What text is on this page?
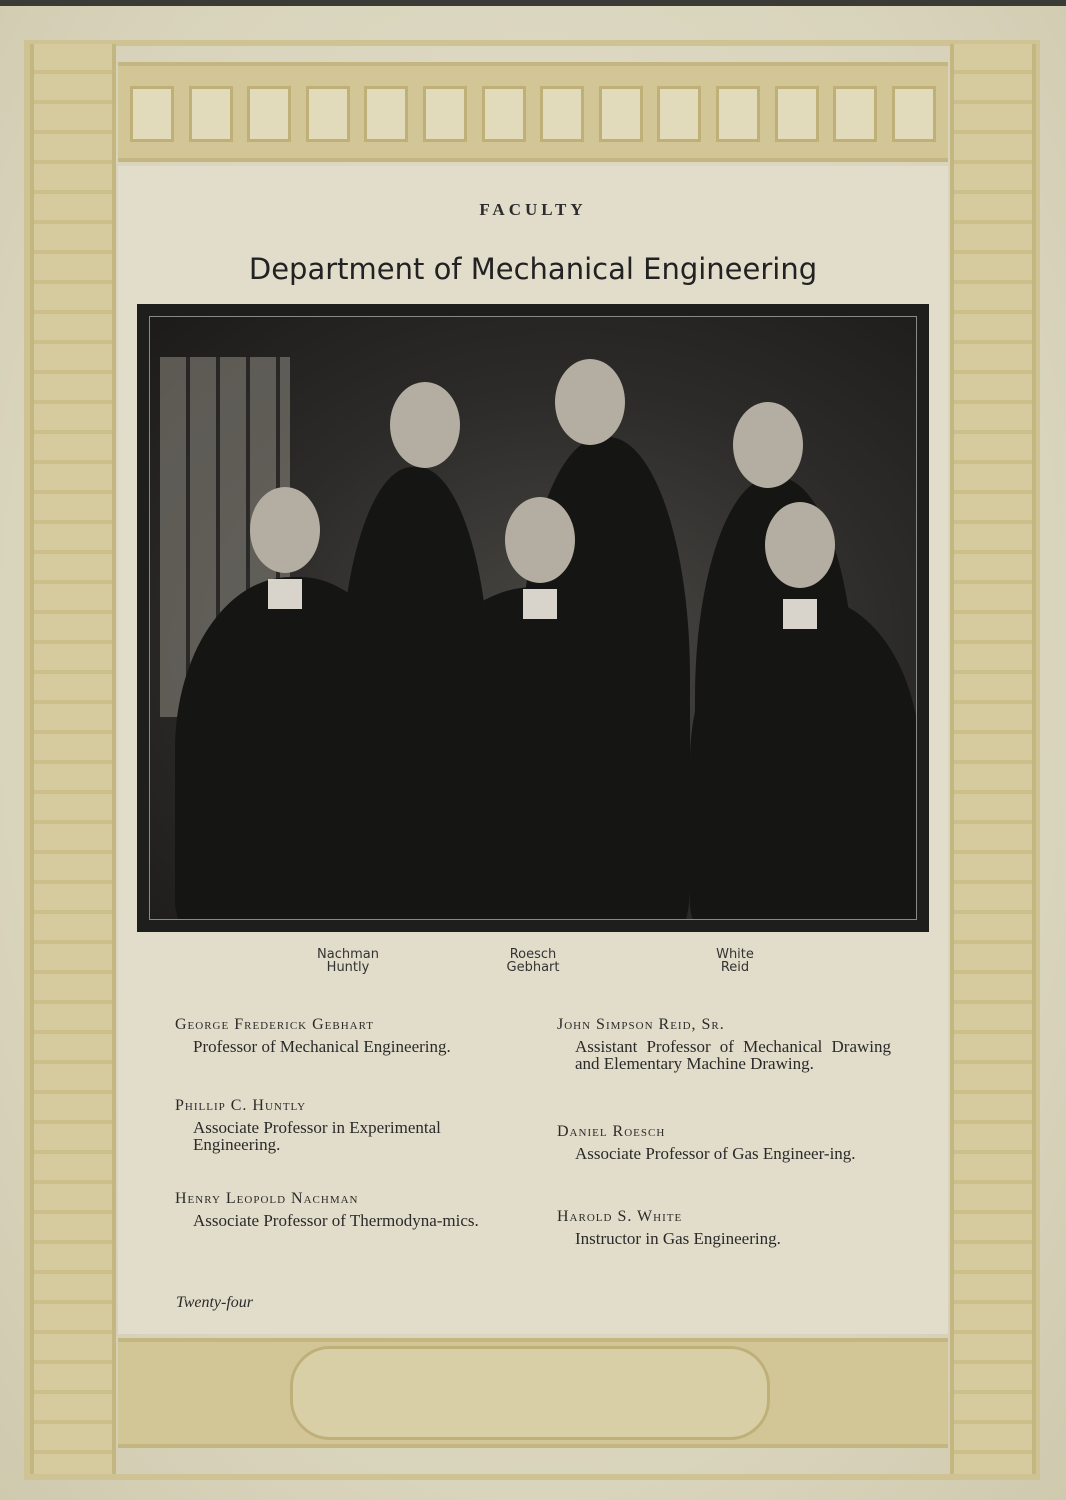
FACULTY
Department of Mechanical Engineering
Nachman
Huntly
Roesch
Gebhart
White
Reid
George Frederick Gebhart
Professor of Mechanical Engineering.
Phillip C. Huntly
Associate Professor in Experimental Engineering.
Henry Leopold Nachman
Associate Professor of Thermodyna-mics.
John Simpson Reid, Sr.
Assistant Professor of Mechanical Drawing and Elementary Machine Drawing.
Daniel Roesch
Associate Professor of Gas Engineer-ing.
Harold S. White
Instructor in Gas Engineering.
Twenty-four
